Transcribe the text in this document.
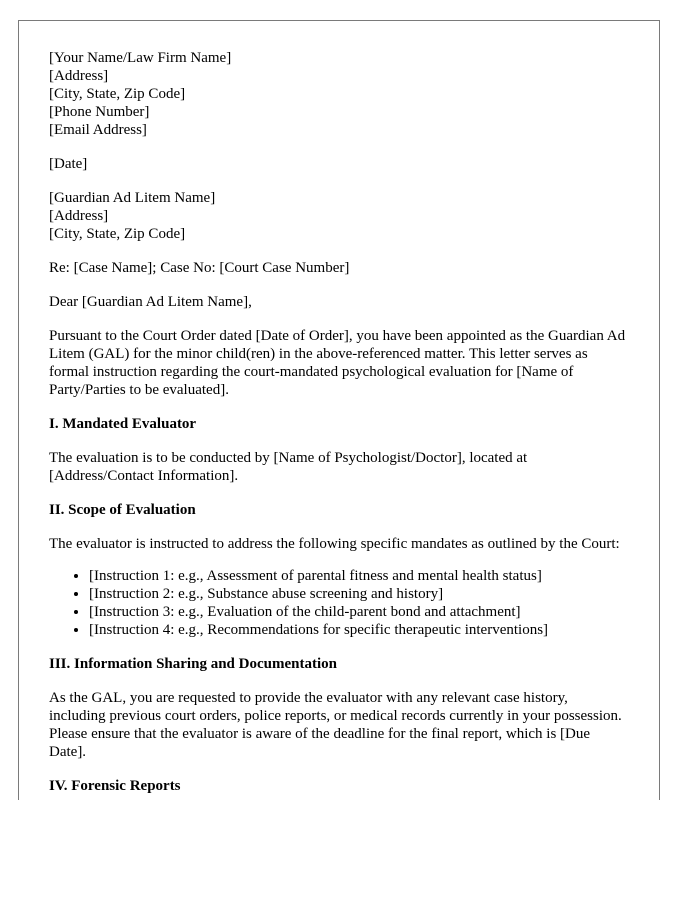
[Your Name/Law Firm Name]
[Address]
[City, State, Zip Code]
[Phone Number]
[Email Address]
[Date]
[Guardian Ad Litem Name]
[Address]
[City, State, Zip Code]

Re: [Case Name]; Case No: [Court Case Number]

Dear [Guardian Ad Litem Name],

Pursuant to the Court Order dated [Date of Order], you have been appointed as the Guardian Ad Litem (GAL) for the minor child(ren) in the above-referenced matter. This letter serves as formal instruction regarding the court-mandated psychological evaluation for [Name of Party/Parties to be evaluated].

I. Mandated Evaluator

The evaluation is to be conducted by [Name of Psychologist/Doctor], located at [Address/Contact Information].

II. Scope of Evaluation

The evaluator is instructed to address the following specific mandates as outlined by the Court:

• [Instruction 1: e.g., Assessment of parental fitness and mental health status]
• [Instruction 2: e.g., Substance abuse screening and history]
• [Instruction 3: e.g., Evaluation of the child-parent bond and attachment]
• [Instruction 4: e.g., Recommendations for specific therapeutic interventions]
III. Information Sharing and Documentation

As the GAL, you are requested to provide the evaluator with any relevant case history, including previous court orders, police reports, or medical records currently in your possession. Please ensure that the evaluator is aware of the deadline for the final report, which is [Due Date].

IV. Forensic Reports
